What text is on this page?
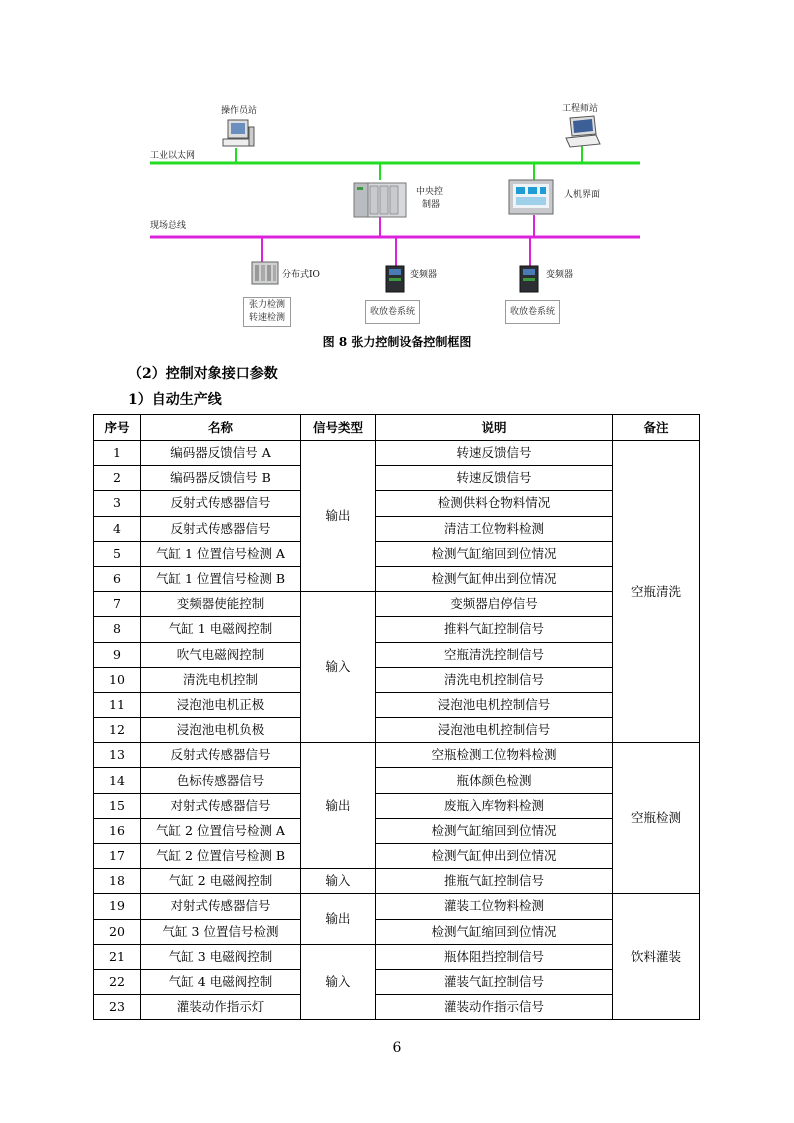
操作员站	工程师站
工业以太网
中央控
制器
人机界面
现场总线
分布式IO	变频器	变频器
张力检测
转速检测
收放卷系统	收放卷系统
图 8 张力控制设备控制框图
（2）控制对象接口参数
1）自动生产线
序号	名称	信号类型	说明	备注
1	编码器反馈信号 A	输出	转速反馈信号	空瓶清洗
2	编码器反馈信号 B		转速反馈信号	
3	反射式传感器信号		检测供料仓物料情况	
4	反射式传感器信号		清洁工位物料检测	
5	气缸 1 位置信号检测 A		检测气缸缩回到位情况	
6	气缸 1 位置信号检测 B		检测气缸伸出到位情况	
7	变频器使能控制	输入	变频器启停信号	
8	气缸 1 电磁阀控制		推料气缸控制信号	
9	吹气电磁阀控制		空瓶清洗控制信号	
10	清洗电机控制		清洗电机控制信号	
11	浸泡池电机正极		浸泡池电机控制信号	
12	浸泡池电机负极		浸泡池电机控制信号	
13	反射式传感器信号	输出	空瓶检测工位物料检测	空瓶检测
14	色标传感器信号		瓶体颜色检测	
15	对射式传感器信号		废瓶入库物料检测	
16	气缸 2 位置信号检测 A		检测气缸缩回到位情况	
17	气缸 2 位置信号检测 B		检测气缸伸出到位情况	
18	气缸 2 电磁阀控制	输入	推瓶气缸控制信号	
19	对射式传感器信号	输出	灌装工位物料检测	饮料灌装
20	气缸 3 位置信号检测		检测气缸缩回到位情况	
21	气缸 3 电磁阀控制	输入	瓶体阻挡控制信号	
22	气缸 4 电磁阀控制		灌装气缸控制信号	
23	灌装动作指示灯		灌装动作指示信号	
6
